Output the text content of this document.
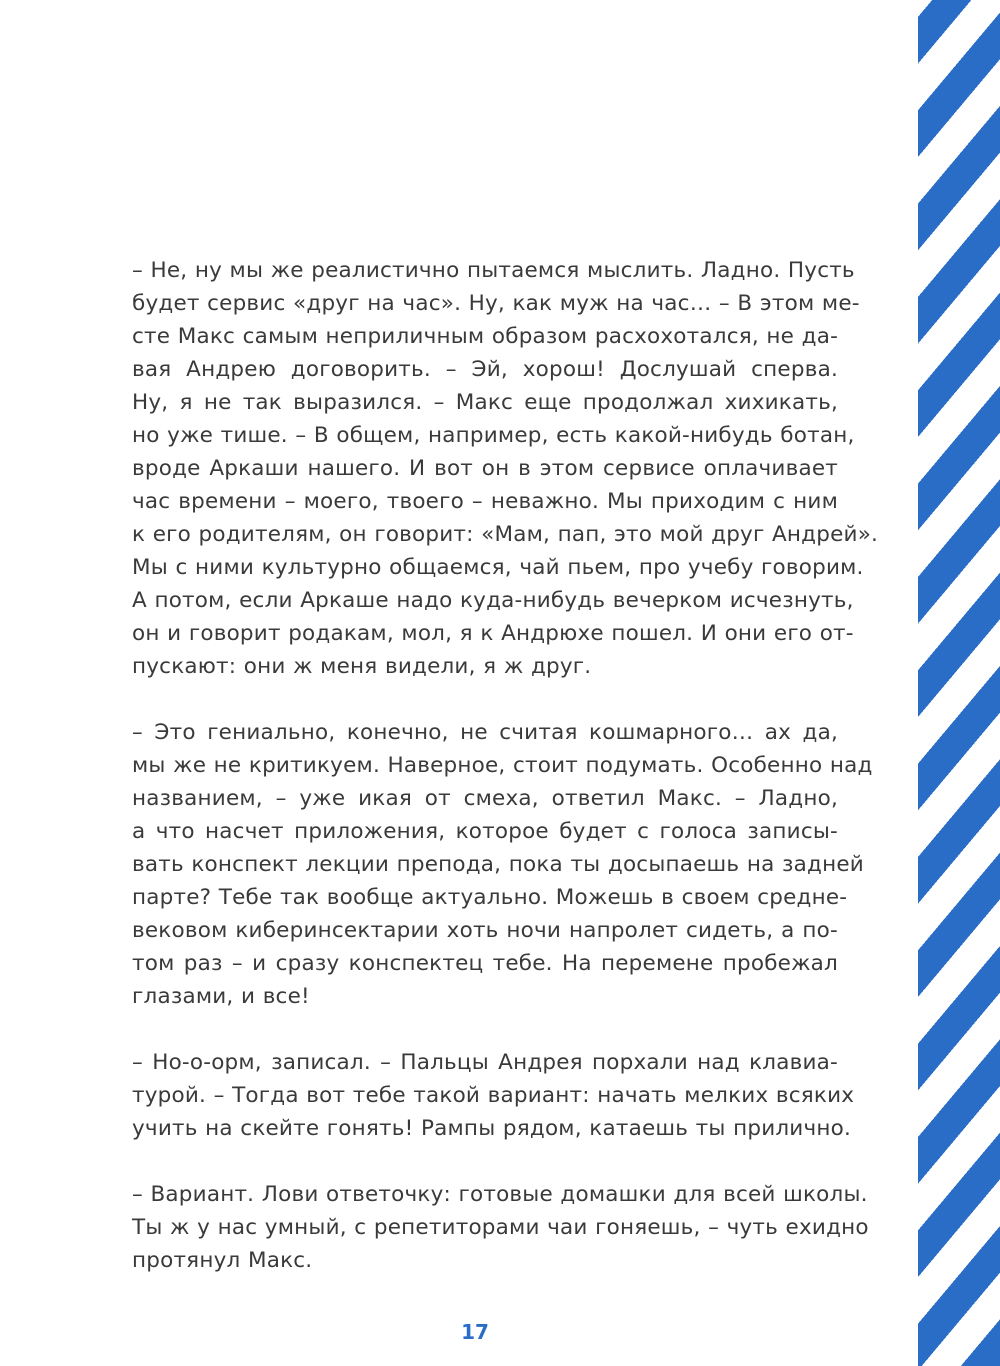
– Не, ну мы же реалистично пытаемся мыслить. Ладно. Пусть
будет сервис «друг на час». Ну, как муж на час… – В этом ме-
сте Макс самым неприличным образом расхохотался, не да-
вая Андрею договорить. – Эй, хорош! Дослушай сперва.
Ну, я не так выразился. – Макс еще продолжал хихикать,
но уже тише. – В общем, например, есть какой-нибудь ботан,
вроде Аркаши нашего. И вот он в этом сервисе оплачивает
час времени – моего, твоего – неважно. Мы приходим с ним
к его родителям, он говорит: «Мам, пап, это мой друг Андрей».
Мы с ними культурно общаемся, чай пьем, про учебу говорим.
А потом, если Аркаше надо куда-нибудь вечерком исчезнуть,
он и говорит родакам, мол, я к Андрюхе пошел. И они его от-
пускают: они ж меня видели, я ж друг.
– Это гениально, конечно, не считая кошмарного… ах да,
мы же не критикуем. Наверное, стоит подумать. Особенно над
названием, – уже икая от смеха, ответил Макс. – Ладно,
а что насчет приложения, которое будет с голоса записы-
вать конспект лекции препода, пока ты досыпаешь на задней
парте? Тебе так вообще актуально. Можешь в своем средне-
вековом киберинсектарии хоть ночи напролет сидеть, а по-
том раз – и сразу конспектец тебе. На перемене пробежал
глазами, и все!
– Но-о-орм, записал. – Пальцы Андрея порхали над клавиа-
турой. – Тогда вот тебе такой вариант: начать мелких всяких
учить на скейте гонять! Рампы рядом, катаешь ты прилично.
– Вариант. Лови ответочку: готовые домашки для всей школы.
Ты ж у нас умный, с репетиторами чаи гоняешь, – чуть ехидно
протянул Макс.
17
